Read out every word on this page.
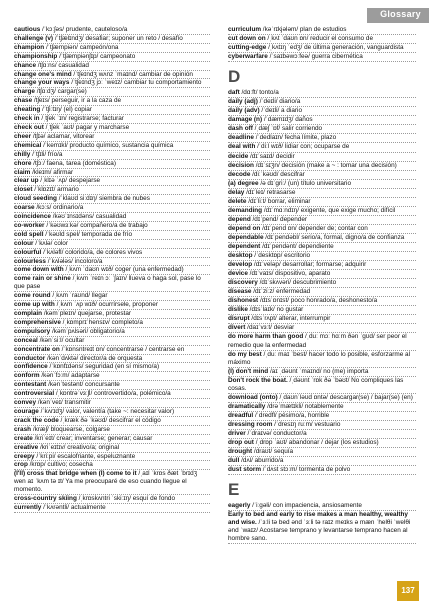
Glossary
cautious /ˈkɔːʃəs/ prudente, cauteloso/a
challenge (v) /ˈtʃælɪndʒ/ desafiar; suponer un reto / desafío
champion /ˈtʃæmpiən/ campeón/ona
championship /ˈtʃæmpiənʃɪp/ campeonato
chance /tʃɑːns/ casualidad
change one's mind /ˈtʃeɪndʒ wʌnz ˈmaɪnd/ cambiar de opinión
change your ways /ˈtʃeɪndʒ jɔː ˈweɪz/ cambiar tu comportamiento
charge /tʃɑːdʒ/ cargar(se)
chase /tʃeɪs/ perseguir, ir a la caza de
cheating /ˈtʃiːtɪŋ/ (el) copiar
check in /ˌtʃek ˈɪn/ registrarse; facturar
check out /ˌtʃek ˈaʊt/ pagar y marcharse
cheer /tʃɪə/ aclamar, vitorear
chemical /ˈkemɪkl/ producto químico, sustancia química
chilly /ˈtʃɪli/ frío/a
chore /tʃɔː/ faena, tarea (doméstica)
claim /kleɪm/ afirmar
clear up /ˌklɪə ˈʌp/ despejarse
closet /ˈklɒzɪt/ armario
cloud seeding /ˈklaʊd siːdɪŋ/ siembra de nubes
coarse /kɔːs/ ordinario/a
coincidence /kəʊˈɪnsɪdəns/ casualidad
co-worker /ˈkəʊwɜːkə/ compañero/a de trabajo
cold spell /ˈkəʊld spel/ temporada de frío
colour /ˈkʌlə/ color
colourful /ˈkʌləfl/ colorido/a, de colores vivos
colourless /ˈkʌlələs/ incoloro/a
come down with /ˌkʌm ˈdaʊn wɪð/ coger (una enfermedad)
come rain or shine /ˌkʌm ˈreɪn ɔː ˈʃaɪn/ llueva o haga sol, pase lo que pase
come round /ˌkʌm ˈraʊnd/ llegar
come up with /ˌkʌm ˈʌp wɪð/ ocurrírsele, proponer
complain /kəmˈpleɪn/ quejarse, protestar
comprehensive /ˌkɒmprɪˈhensɪv/ completo/a
compulsory /kəmˈpʌlsəri/ obligatorio/a
conceal /kənˈsiːl/ ocultar
concentrate on /ˈkɒnsntreɪt ɒn/ concentrarse / centrarse en
conductor /kənˈdʌktə/ director/a de orquesta
confidence /ˈkɒnfɪdəns/ seguridad (en sí mismo/a)
conform /kənˈfɔːm/ adaptarse
contestant /kənˈtestənt/ concursante
controversial /ˌkɒntrəˈvɜːʃl/ controvertido/a, polémico/a
convey /kənˈveɪ/ transmitir
courage /ˈkʌrɪdʒ/ valor, valentía (take ~: necesitar valor)
crack the code /ˌkræk ðə ˈkəʊd/ descifrar el código
crash /kræʃ/ bloquearse, colgarse
create /kriˈeɪt/ crear; inventarse; generar; causar
creative /kriˈeɪtɪv/ creativo/a; original
creepy /ˈkriːpi/ escalofriante, espeluznante
crop /krɒp/ cultivo; cosecha
(I'll) cross that bridge when (I) come to it /ˌaɪl ˈkrɒs ðæt ˈbrɪdʒ wen aɪ ˈkʌm tə ɪt/ Ya me preocuparé de eso cuando llegue el momento.
cross-country skiing /ˌkrɒskʌntri ˈskiːɪŋ/ esquí de fondo
currently /ˈkʌrəntli/ actualmente
curriculum /kəˈrɪkjələm/ plan de estudios
cut down on /ˌkʌt ˈdaʊn ɒn/ reducir el consumo de
cutting-edge /ˌkʌtɪŋ ˈedʒ/ de última generación, vanguardista
cyberwarfare /ˈsaɪbəwɔːfeə/ guerra cibernética
D
daft /dɑːft/ tonto/a
daily (adj) /ˈdeɪli/ diario/a
daily (adv) /ˈdeɪli/ a diario
damage (n) /ˈdæmɪdʒ/ daños
dash off /ˌdæʃ ˈɒf/ salir corriendo
deadline /ˈdedlaɪn/ fecha límite, plazo
deal with /ˈdiːl wɪð/ lidiar con; ocuparse de
decide /dɪˈsaɪd/ decidir
decision /dɪˈsɪʒn/ decisión (make a ~ : tomar una decisión)
decode /diːˈkəʊd/ descifrar
(a) degree /ə dɪˈɡriː/ (un) título universitario
delay /dɪˈleɪ/ retrasarse
delete /dɪˈliːt/ borrar, eliminar
demanding /dɪˈmɑːndɪŋ/ exigente, que exige mucho; difícil
depend /dɪˈpend/ depender
depend on /dɪˈpend ɒn/ depender de; contar con
dependable /dɪˈpendəbl/ serio/a, formal, digno/a de confianza
dependent /dɪˈpendənt/ dependiente
desktop /ˈdesktɒp/ escritorio
develop /dɪˈveləp/ desarrollar; formarse; adquirir
device /dɪˈvaɪs/ dispositivo, aparato
discovery /dɪˈskʌvəri/ descubrimiento
disease /dɪˈziːz/ enfermedad
dishonest /dɪsˈɒnɪst/ poco honrado/a, deshonesto/a
dislike /dɪsˈlaɪk/ no gustar
disrupt /dɪsˈrʌpt/ alterar, interrumpir
divert /daɪˈvɜːt/ desviar
do more harm than good /ˌduː mɔː hɑːm ðən ˈɡʊd/ ser peor el remedio que la enfermedad
do my best /ˌduː maɪ ˈbest/ hacer todo lo posible, esforzarme al máximo
(I) don't mind /aɪ ˌdəʊnt ˈmaɪnd/ no (me) importa
Don't rock the boat. /ˌdəʊnt ˈrɒk ðə ˈbəʊt/ No compliques las cosas.
download (onto) /ˌdaʊnˈləʊd ɒntə/ descargar(se) / bajar(se) (en)
dramatically /drəˈmætɪkli/ notablemente
dreadful /ˈdredfl/ pésimo/a, horrible
dressing room /ˈdresɪŋ ruːm/ vestuario
driver /ˈdraɪvə/ conductor/a
drop out /ˌdrɒp ˈaʊt/ abandonar / dejar (los estudios)
drought /draʊt/ sequía
dull /dʌl/ aburrido/a
dust storm /ˈdʌst stɔːm/ tormenta de polvo
E
eagerly /ˈiːɡəli/ con impaciencia, ansiosamente
Early to bed and early to rise makes a man healthy, wealthy and wise. /ˈɜːli tə bed ənd ˈɜːli tə raɪz meɪks ə mæn ˈhelθi ˈwelθi ənd ˈwaɪz/ Acostarse temprano y levantarse temprano hacen al hombre sano.
137
